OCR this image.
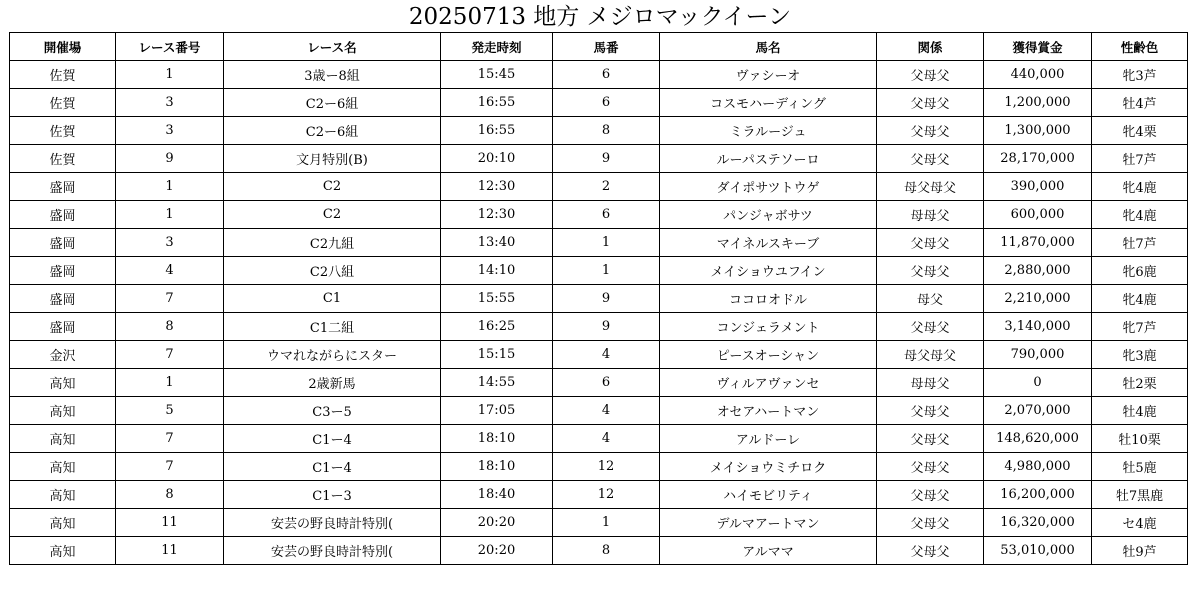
20250713 地方 メジロマックイーン
開催場	レース番号	レース名	発走時刻	馬番	馬名	関係	獲得賞金	性齢色
佐賀	1	3歳ー8組	15:45	6	ヴァシーオ	父母父	440,000	牝3芦
佐賀	3	C2ー6組	16:55	6	コスモハーディング	父母父	1,200,000	牡4芦
佐賀	3	C2ー6組	16:55	8	ミラルージュ	父母父	1,300,000	牝4栗
佐賀	9	文月特別(B)	20:10	9	ルーパステソーロ	父母父	28,170,000	牡7芦
盛岡	1	C2	12:30	2	ダイポサツトウゲ	母父母父	390,000	牝4鹿
盛岡	1	C2	12:30	6	パンジャボサツ	母母父	600,000	牝4鹿
盛岡	3	C2九組	13:40	1	マイネルスキーブ	父母父	11,870,000	牡7芦
盛岡	4	C2八組	14:10	1	メイショウユフイン	父母父	2,880,000	牝6鹿
盛岡	7	C1	15:55	9	ココロオドル	母父	2,210,000	牝4鹿
盛岡	8	C1二組	16:25	9	コンジェラメント	父母父	3,140,000	牝7芦
金沢	7	ウマれながらにスター	15:15	4	ピースオーシャン	母父母父	790,000	牝3鹿
高知	1	2歳新馬	14:55	6	ヴィルアヴァンセ	母母父	0	牡2栗
高知	5	C3ー5	17:05	4	オセアハートマン	父母父	2,070,000	牡4鹿
高知	7	C1ー4	18:10	4	アルドーレ	父母父	148,620,000	牡10栗
高知	7	C1ー4	18:10	12	メイショウミチロク	父母父	4,980,000	牡5鹿
高知	8	C1ー3	18:40	12	ハイモビリティ	父母父	16,200,000	牡7黒鹿
高知	11	安芸の野良時計特別(	20:20	1	デルマアートマン	父母父	16,320,000	セ4鹿
高知	11	安芸の野良時計特別(	20:20	8	アルママ	父母父	53,010,000	牡9芦
